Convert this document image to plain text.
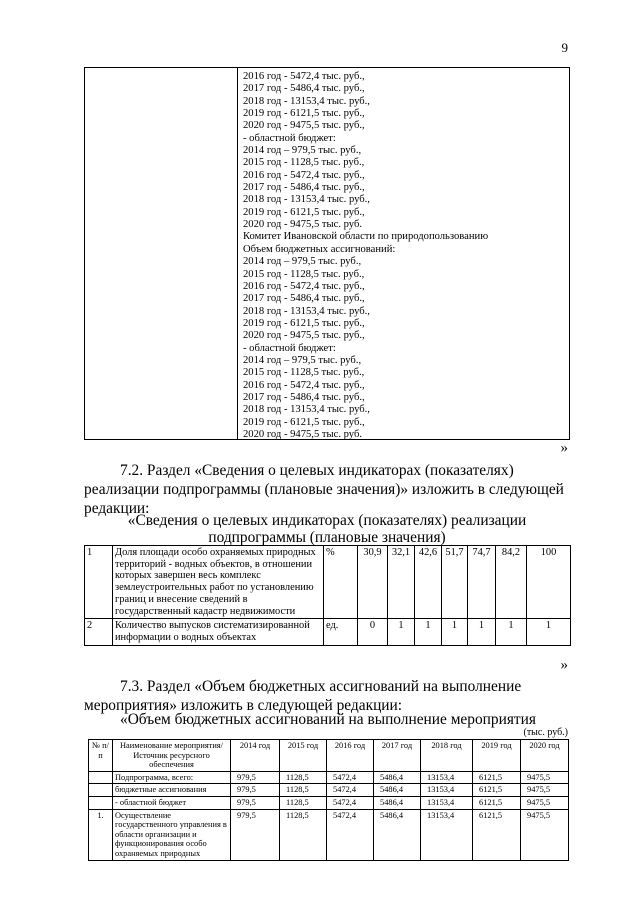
9
2016 год - 5472,4 тыс. руб.,
2017 год - 5486,4 тыс. руб.,
2018 год - 13153,4 тыс. руб.,
2019 год - 6121,5 тыс. руб.,
2020 год - 9475,5 тыс. руб.,
- областной бюджет:
2014 год – 979,5 тыс. руб.,
2015 год - 1128,5 тыс. руб.,
2016 год - 5472,4 тыс. руб.,
2017 год - 5486,4 тыс. руб.,
2018 год - 13153,4 тыс. руб.,
2019 год - 6121,5 тыс. руб.,
2020 год - 9475,5 тыс. руб.
Комитет Ивановской области по природопользованию
Объем бюджетных ассигнований:
2014 год – 979,5 тыс. руб.,
2015 год - 1128,5 тыс. руб.,
2016 год - 5472,4 тыс. руб.,
2017 год - 5486,4 тыс. руб.,
2018 год - 13153,4 тыс. руб.,
2019 год - 6121,5 тыс. руб.,
2020 год - 9475,5 тыс. руб.,
- областной бюджет:
2014 год – 979,5 тыс. руб.,
2015 год - 1128,5 тыс. руб.,
2016 год - 5472,4 тыс. руб.,
2017 год - 5486,4 тыс. руб.,
2018 год - 13153,4 тыс. руб.,
2019 год - 6121,5 тыс. руб.,
2020 год - 9475,5 тыс. руб.
»
7.2. Раздел «Сведения о целевых индикаторах (показателях)
реализации подпрограммы (плановые значения)» изложить в следующей
редакции:
«Сведения о целевых индикаторах (показателях) реализации
подпрограммы (плановые значения)
1	Доля площади особо охраняемых природных территорий - водных объектов, в отношении которых завершен весь комплекс землеустроительных работ по установлению границ и внесение сведений в государственный кадастр недвижимости	%	30,9	32,1	42,6	51,7	74,7	84,2	100
2	Количество выпусков систематизированной информации о водных объектах	ед.	0	1	1	1	1	1	1
»
7.3. Раздел «Объем бюджетных ассигнований на выполнение
мероприятия» изложить в следующей редакции:
«Объем бюджетных ассигнований на выполнение мероприятия
(тыс. руб.)
№ п/п	Наименование мероприятия/Источник ресурсного обеспечения	2014 год	2015 год	2016 год	2017 год	2018 год	2019 год	2020 год
	Подпрограмма, всего:	979,5	1128,5	5472,4	5486,4	13153,4	6121,5	9475,5
	бюджетные ассигнования	979,5	1128,5	5472,4	5486,4	13153,4	6121,5	9475,5
	- областной бюджет	979,5	1128,5	5472,4	5486,4	13153,4	6121,5	9475,5
1.	Осуществление государственного управления в области организации и функционирования особо охраняемых природных	979,5	1128,5	5472,4	5486,4	13153,4	6121,5	9475,5
